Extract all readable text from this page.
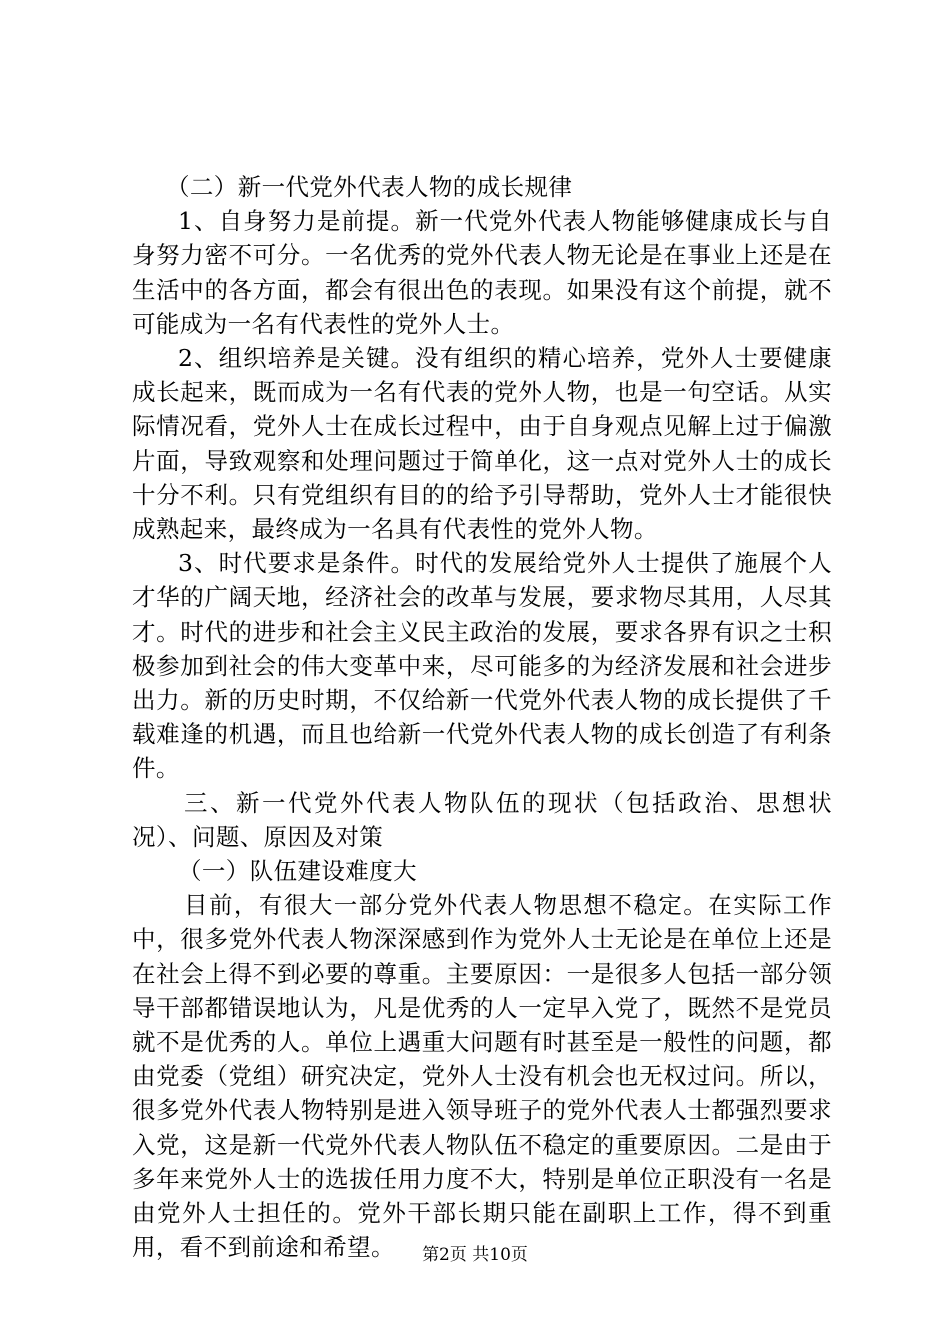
（二）新一代党外代表人物的成长规律

1、自身努力是前提。新一代党外代表人物能够健康成长与自身努力密不可分。一名优秀的党外代表人物无论是在事业上还是在生活中的各方面，都会有很出色的表现。如果没有这个前提，就不可能成为一名有代表性的党外人士。

2、组织培养是关键。没有组织的精心培养，党外人士要健康成长起来，既而成为一名有代表的党外人物，也是一句空话。从实际情况看，党外人士在成长过程中，由于自身观点见解上过于偏激片面，导致观察和处理问题过于简单化，这一点对党外人士的成长十分不利。只有党组织有目的的给予引导帮助，党外人士才能很快成熟起来，最终成为一名具有代表性的党外人物。

3、时代要求是条件。时代的发展给党外人士提供了施展个人才华的广阔天地，经济社会的改革与发展，要求物尽其用，人尽其才。时代的进步和社会主义民主政治的发展，要求各界有识之士积极参加到社会的伟大变革中来，尽可能多的为经济发展和社会进步出力。新的历史时期，不仅给新一代党外代表人物的成长提供了千载难逢的机遇，而且也给新一代党外代表人物的成长创造了有利条件。

三、新一代党外代表人物队伍的现状（包括政治、思想状况）、问题、原因及对策

（一）队伍建设难度大

目前，有很大一部分党外代表人物思想不稳定。在实际工作中，很多党外代表人物深深感到作为党外人士无论是在单位上还是在社会上得不到必要的尊重。主要原因：一是很多人包括一部分领导干部都错误地认为，凡是优秀的人一定早入党了，既然不是党员就不是优秀的人。单位上遇重大问题有时甚至是一般性的问题，都由党委（党组）研究决定，党外人士没有机会也无权过问。所以，很多党外代表人物特别是进入领导班子的党外代表人士都强烈要求入党，这是新一代党外代表人物队伍不稳定的重要原因。二是由于多年来党外人士的选拔任用力度不大，特别是单位正职没有一名是由党外人士担任的。党外干部长期只能在副职上工作，得不到重用，看不到前途和希望。	第2页 共10页
